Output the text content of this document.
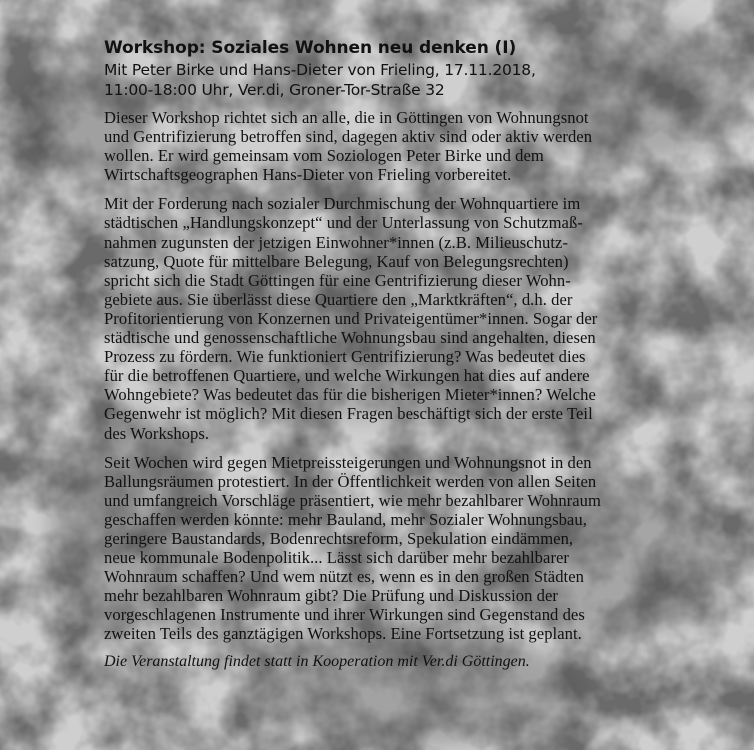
Workshop: Soziales Wohnen neu denken (I)

Mit Peter Birke und Hans-Dieter von Frieling, 17.11.2018,
11:00-18:00 Uhr, Ver.di, Groner-Tor-Straße 32

Dieser Workshop richtet sich an alle, die in Göttingen von Wohnungsnot
und Gentrifizierung betroffen sind, dagegen aktiv sind oder aktiv werden
wollen. Er wird gemeinsam vom Soziologen Peter Birke und dem
Wirtschaftsgeographen Hans-Dieter von Frieling vorbereitet.

Mit der Forderung nach sozialer Durchmischung der Wohnquartiere im
städtischen „Handlungskonzept“ und der Unterlassung von Schutzmaß-
nahmen zugunsten der jetzigen Einwohner*innen (z.B. Milieuschutz-
satzung, Quote für mittelbare Belegung, Kauf von Belegungsrechten)
spricht sich die Stadt Göttingen für eine Gentrifizierung dieser Wohn-
gebiete aus. Sie überlässt diese Quartiere den „Marktkräften“, d.h. der
Profitorientierung von Konzernen und Privateigentümer*innen. Sogar der
städtische und genossenschaftliche Wohnungsbau sind angehalten, diesen
Prozess zu fördern. Wie funktioniert Gentrifizierung? Was bedeutet dies
für die betroffenen Quartiere, und welche Wirkungen hat dies auf andere
Wohngebiete? Was bedeutet das für die bisherigen Mieter*innen? Welche
Gegenwehr ist möglich? Mit diesen Fragen beschäftigt sich der erste Teil
des Workshops.

Seit Wochen wird gegen Mietpreissteigerungen und Wohnungsnot in den
Ballungsräumen protestiert. In der Öffentlichkeit werden von allen Seiten
und umfangreich Vorschläge präsentiert, wie mehr bezahlbarer Wohnraum
geschaffen werden könnte: mehr Bauland, mehr Sozialer Wohnungsbau,
geringere Baustandards, Bodenrechtsreform, Spekulation eindämmen,
neue kommunale Bodenpolitik... Lässt sich darüber mehr bezahlbarer
Wohnraum schaffen? Und wem nützt es, wenn es in den großen Städten
mehr bezahlbaren Wohnraum gibt? Die Prüfung und Diskussion der
vorgeschlagenen Instrumente und ihrer Wirkungen sind Gegenstand des
zweiten Teils des ganztägigen Workshops. Eine Fortsetzung ist geplant.

Die Veranstaltung findet statt in Kooperation mit Ver.di Göttingen.
